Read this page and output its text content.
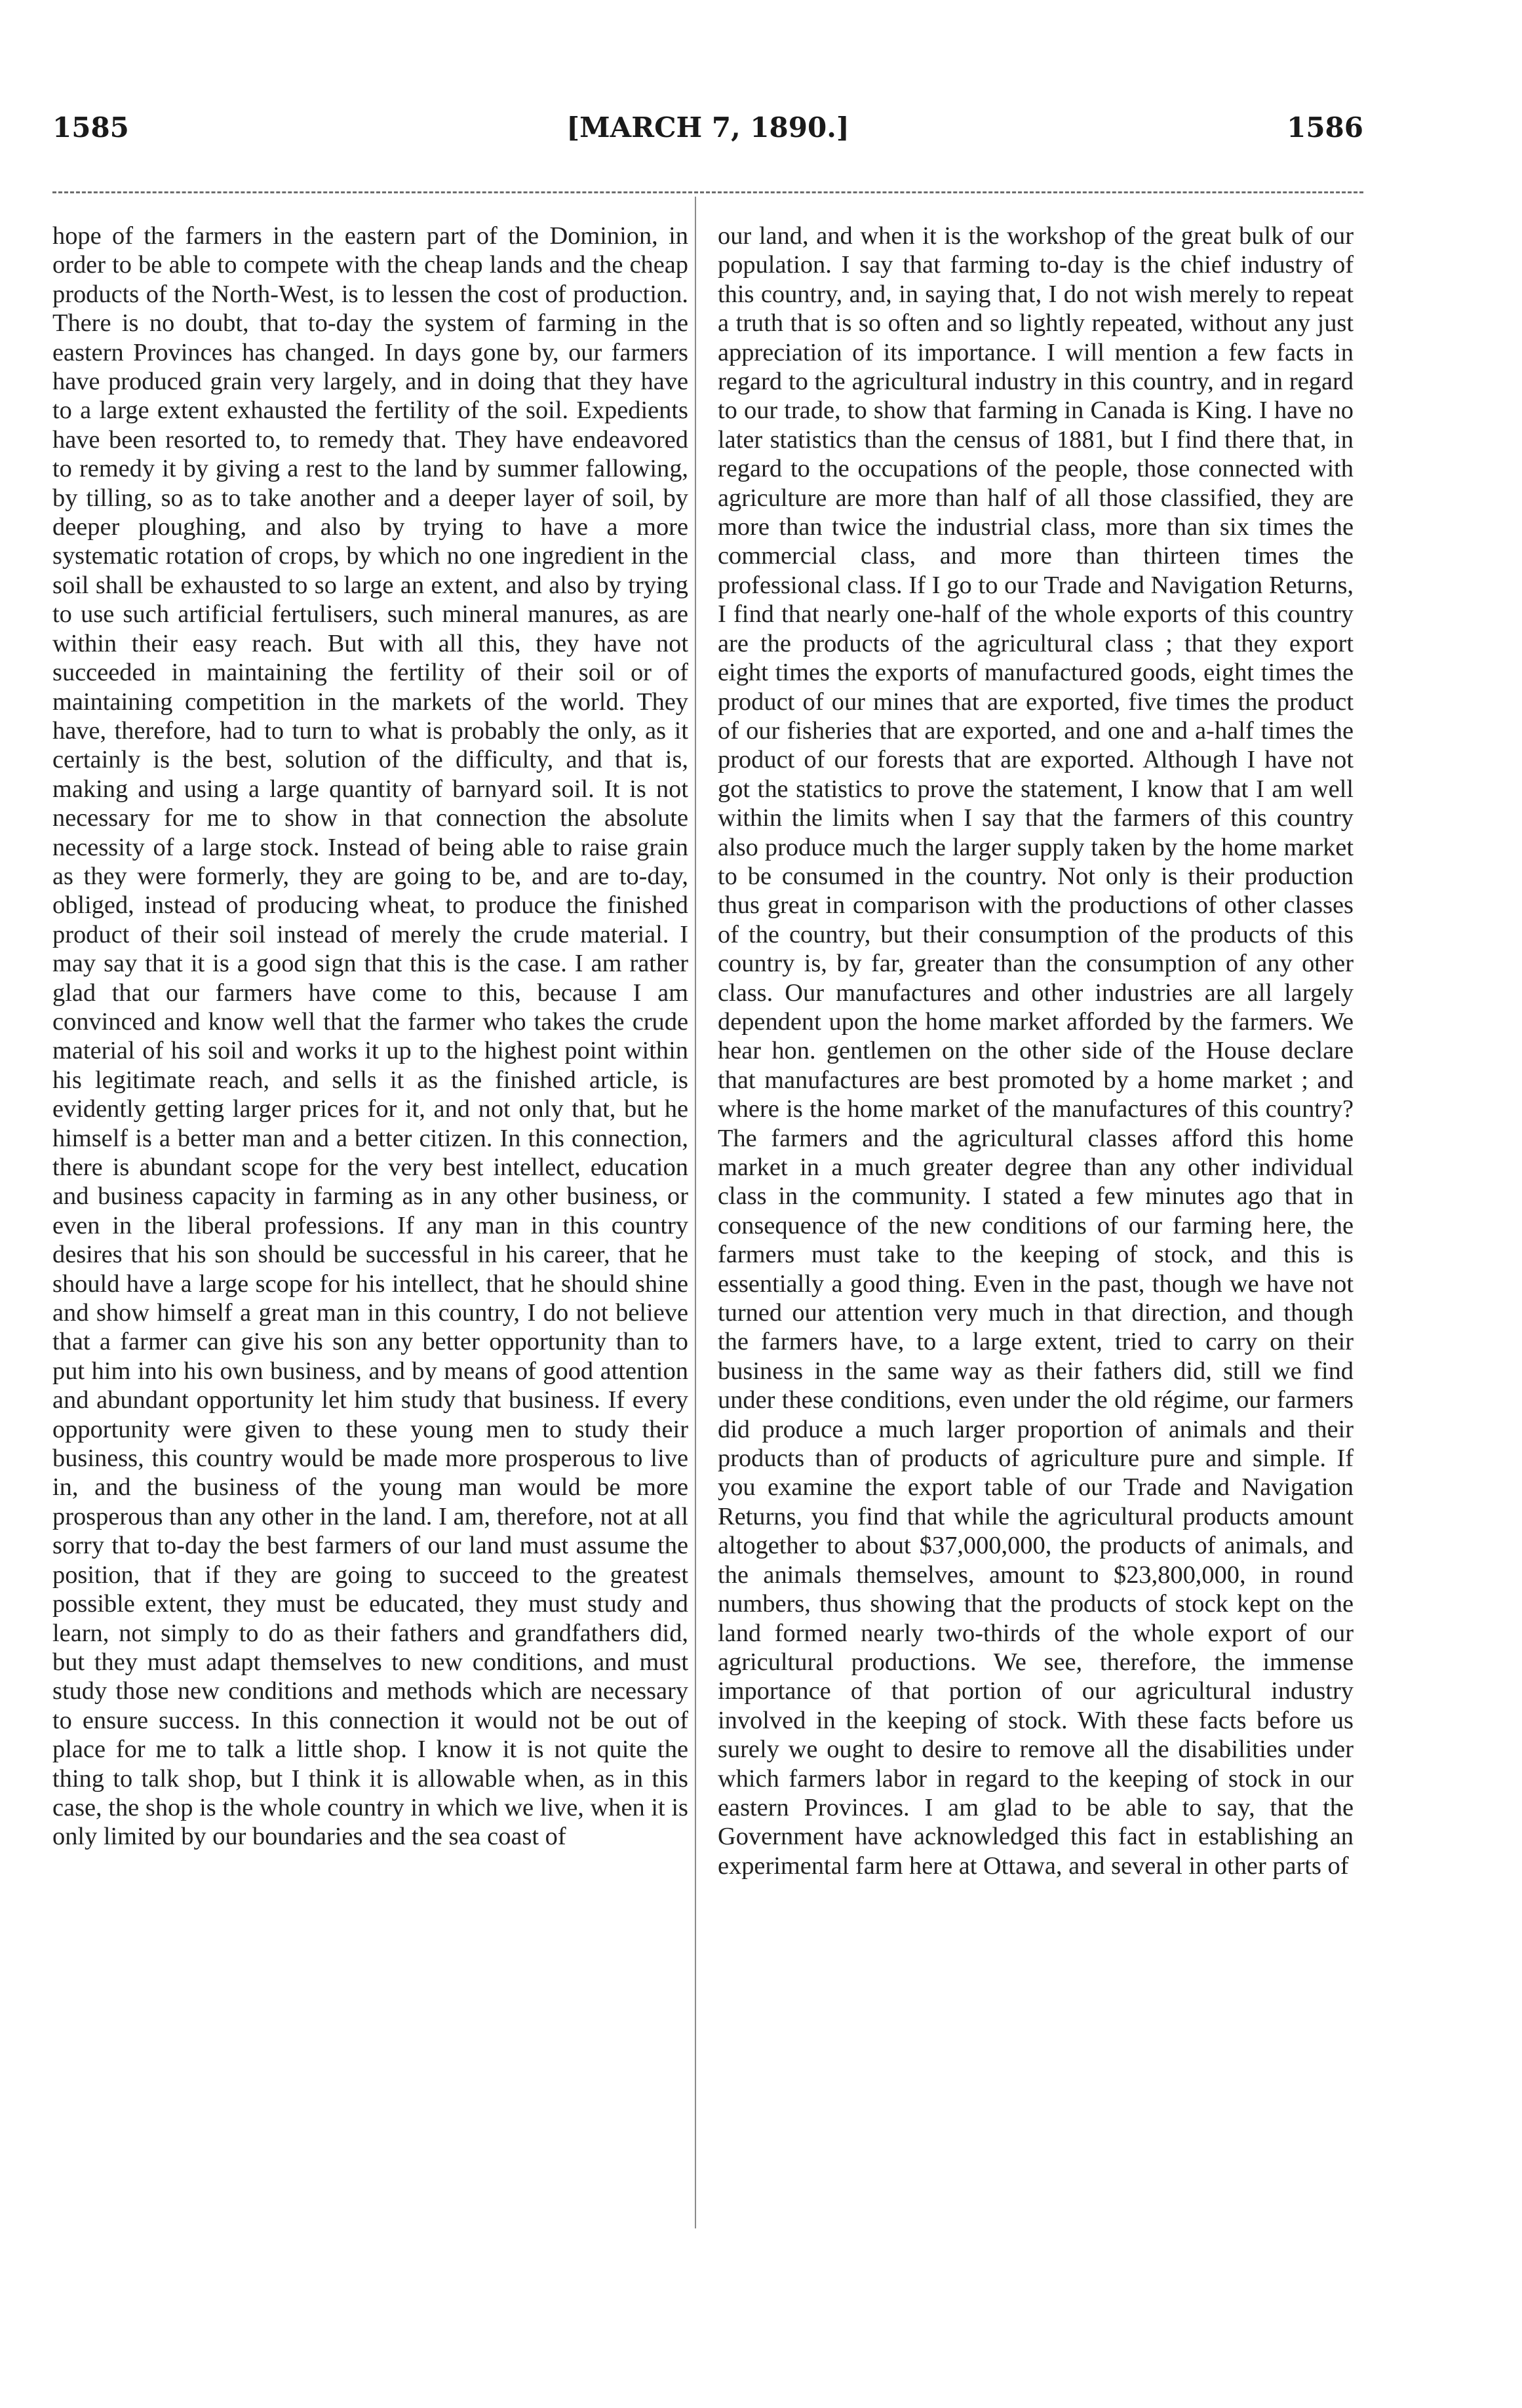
1585	[MARCH 7, 1890.]	1586

hope of the farmers in the eastern part of the Dominion, in order to be able to compete with the cheap lands and the cheap products of the North-West, is to lessen the cost of production. There is no doubt, that to-day the system of farming in the eastern Provinces has changed. In days gone by, our farmers have produced grain very largely, and in doing that they have to a large extent exhausted the fertility of the soil. Expedients have been resorted to, to remedy that. They have endeavored to remedy it by giving a rest to the land by summer fallowing, by tilling, so as to take another and a deeper layer of soil, by deeper ploughing, and also by trying to have a more systematic rotation of crops, by which no one ingredient in the soil shall be exhausted to so large an extent, and also by trying to use such artificial fertulisers, such mineral manures, as are within their easy reach. But with all this, they have not succeeded in maintaining the fertility of their soil or of maintaining competition in the markets of the world. They have, therefore, had to turn to what is probably the only, as it certainly is the best, solution of the difficulty, and that is, making and using a large quantity of barnyard soil. It is not necessary for me to show in that connection the absolute necessity of a large stock. Instead of being able to raise grain as they were formerly, they are going to be, and are to-day, obliged, instead of producing wheat, to produce the finished product of their soil instead of merely the crude material. I may say that it is a good sign that this is the case. I am rather glad that our farmers have come to this, because I am convinced and know well that the farmer who takes the crude material of his soil and works it up to the highest point within his legitimate reach, and sells it as the finished article, is evidently getting larger prices for it, and not only that, but he himself is a better man and a better citizen. In this connection, there is abundant scope for the very best intellect, education and business capacity in farming as in any other business, or even in the liberal professions. If any man in this country desires that his son should be successful in his career, that he should have a large scope for his intellect, that he should shine and show himself a great man in this country, I do not believe that a farmer can give his son any better opportunity than to put him into his own business, and by means of good attention and abundant opportunity let him study that business. If every opportunity were given to these young men to study their business, this country would be made more prosperous to live in, and the business of the young man would be more prosperous than any other in the land. I am, therefore, not at all sorry that to-day the best farmers of our land must assume the position, that if they are going to succeed to the greatest possible extent, they must be educated, they must study and learn, not simply to do as their fathers and grandfathers did, but they must adapt themselves to new conditions, and must study those new conditions and methods which are necessary to ensure success. In this connection it would not be out of place for me to talk a little shop. I know it is not quite the thing to talk shop, but I think it is allowable when, as in this case, the shop is the whole country in which we live, when it is only limited by our boundaries and the sea coast of

our land, and when it is the workshop of the great bulk of our population. I say that farming to-day is the chief industry of this country, and, in saying that, I do not wish merely to repeat a truth that is so often and so lightly repeated, without any just appreciation of its importance. I will mention a few facts in regard to the agricultural industry in this country, and in regard to our trade, to show that farming in Canada is King. I have no later statistics than the census of 1881, but I find there that, in regard to the occupations of the people, those connected with agriculture are more than half of all those classified, they are more than twice the industrial class, more than six times the commercial class, and more than thirteen times the professional class. If I go to our Trade and Navigation Returns, I find that nearly one-half of the whole exports of this country are the products of the agricultural class ; that they export eight times the exports of manufactured goods, eight times the product of our mines that are exported, five times the product of our fisheries that are exported, and one and a-half times the product of our forests that are exported. Although I have not got the statistics to prove the statement, I know that I am well within the limits when I say that the farmers of this country also produce much the larger supply taken by the home market to be consumed in the country. Not only is their production thus great in comparison with the productions of other classes of the country, but their consumption of the products of this country is, by far, greater than the consumption of any other class. Our manufactures and other industries are all largely dependent upon the home market afforded by the farmers. We hear hon. gentlemen on the other side of the House declare that manufactures are best promoted by a home market ; and where is the home market of the manufactures of this country? The farmers and the agricultural classes afford this home market in a much greater degree than any other individual class in the community. I stated a few minutes ago that in consequence of the new conditions of our farming here, the farmers must take to the keeping of stock, and this is essentially a good thing. Even in the past, though we have not turned our attention very much in that direction, and though the farmers have, to a large extent, tried to carry on their business in the same way as their fathers did, still we find under these conditions, even under the old régime, our farmers did produce a much larger proportion of animals and their products than of products of agriculture pure and simple. If you examine the export table of our Trade and Navigation Returns, you find that while the agricultural products amount altogether to about $37,000,000, the products of animals, and the animals themselves, amount to $23,800,000, in round numbers, thus showing that the products of stock kept on the land formed nearly two-thirds of the whole export of our agricultural productions. We see, therefore, the immense importance of that portion of our agricultural industry involved in the keeping of stock. With these facts before us surely we ought to desire to remove all the disabilities under which farmers labor in regard to the keeping of stock in our eastern Provinces. I am glad to be able to say, that the Government have acknowledged this fact in establishing an experimental farm here at Ottawa, and several in other parts of
